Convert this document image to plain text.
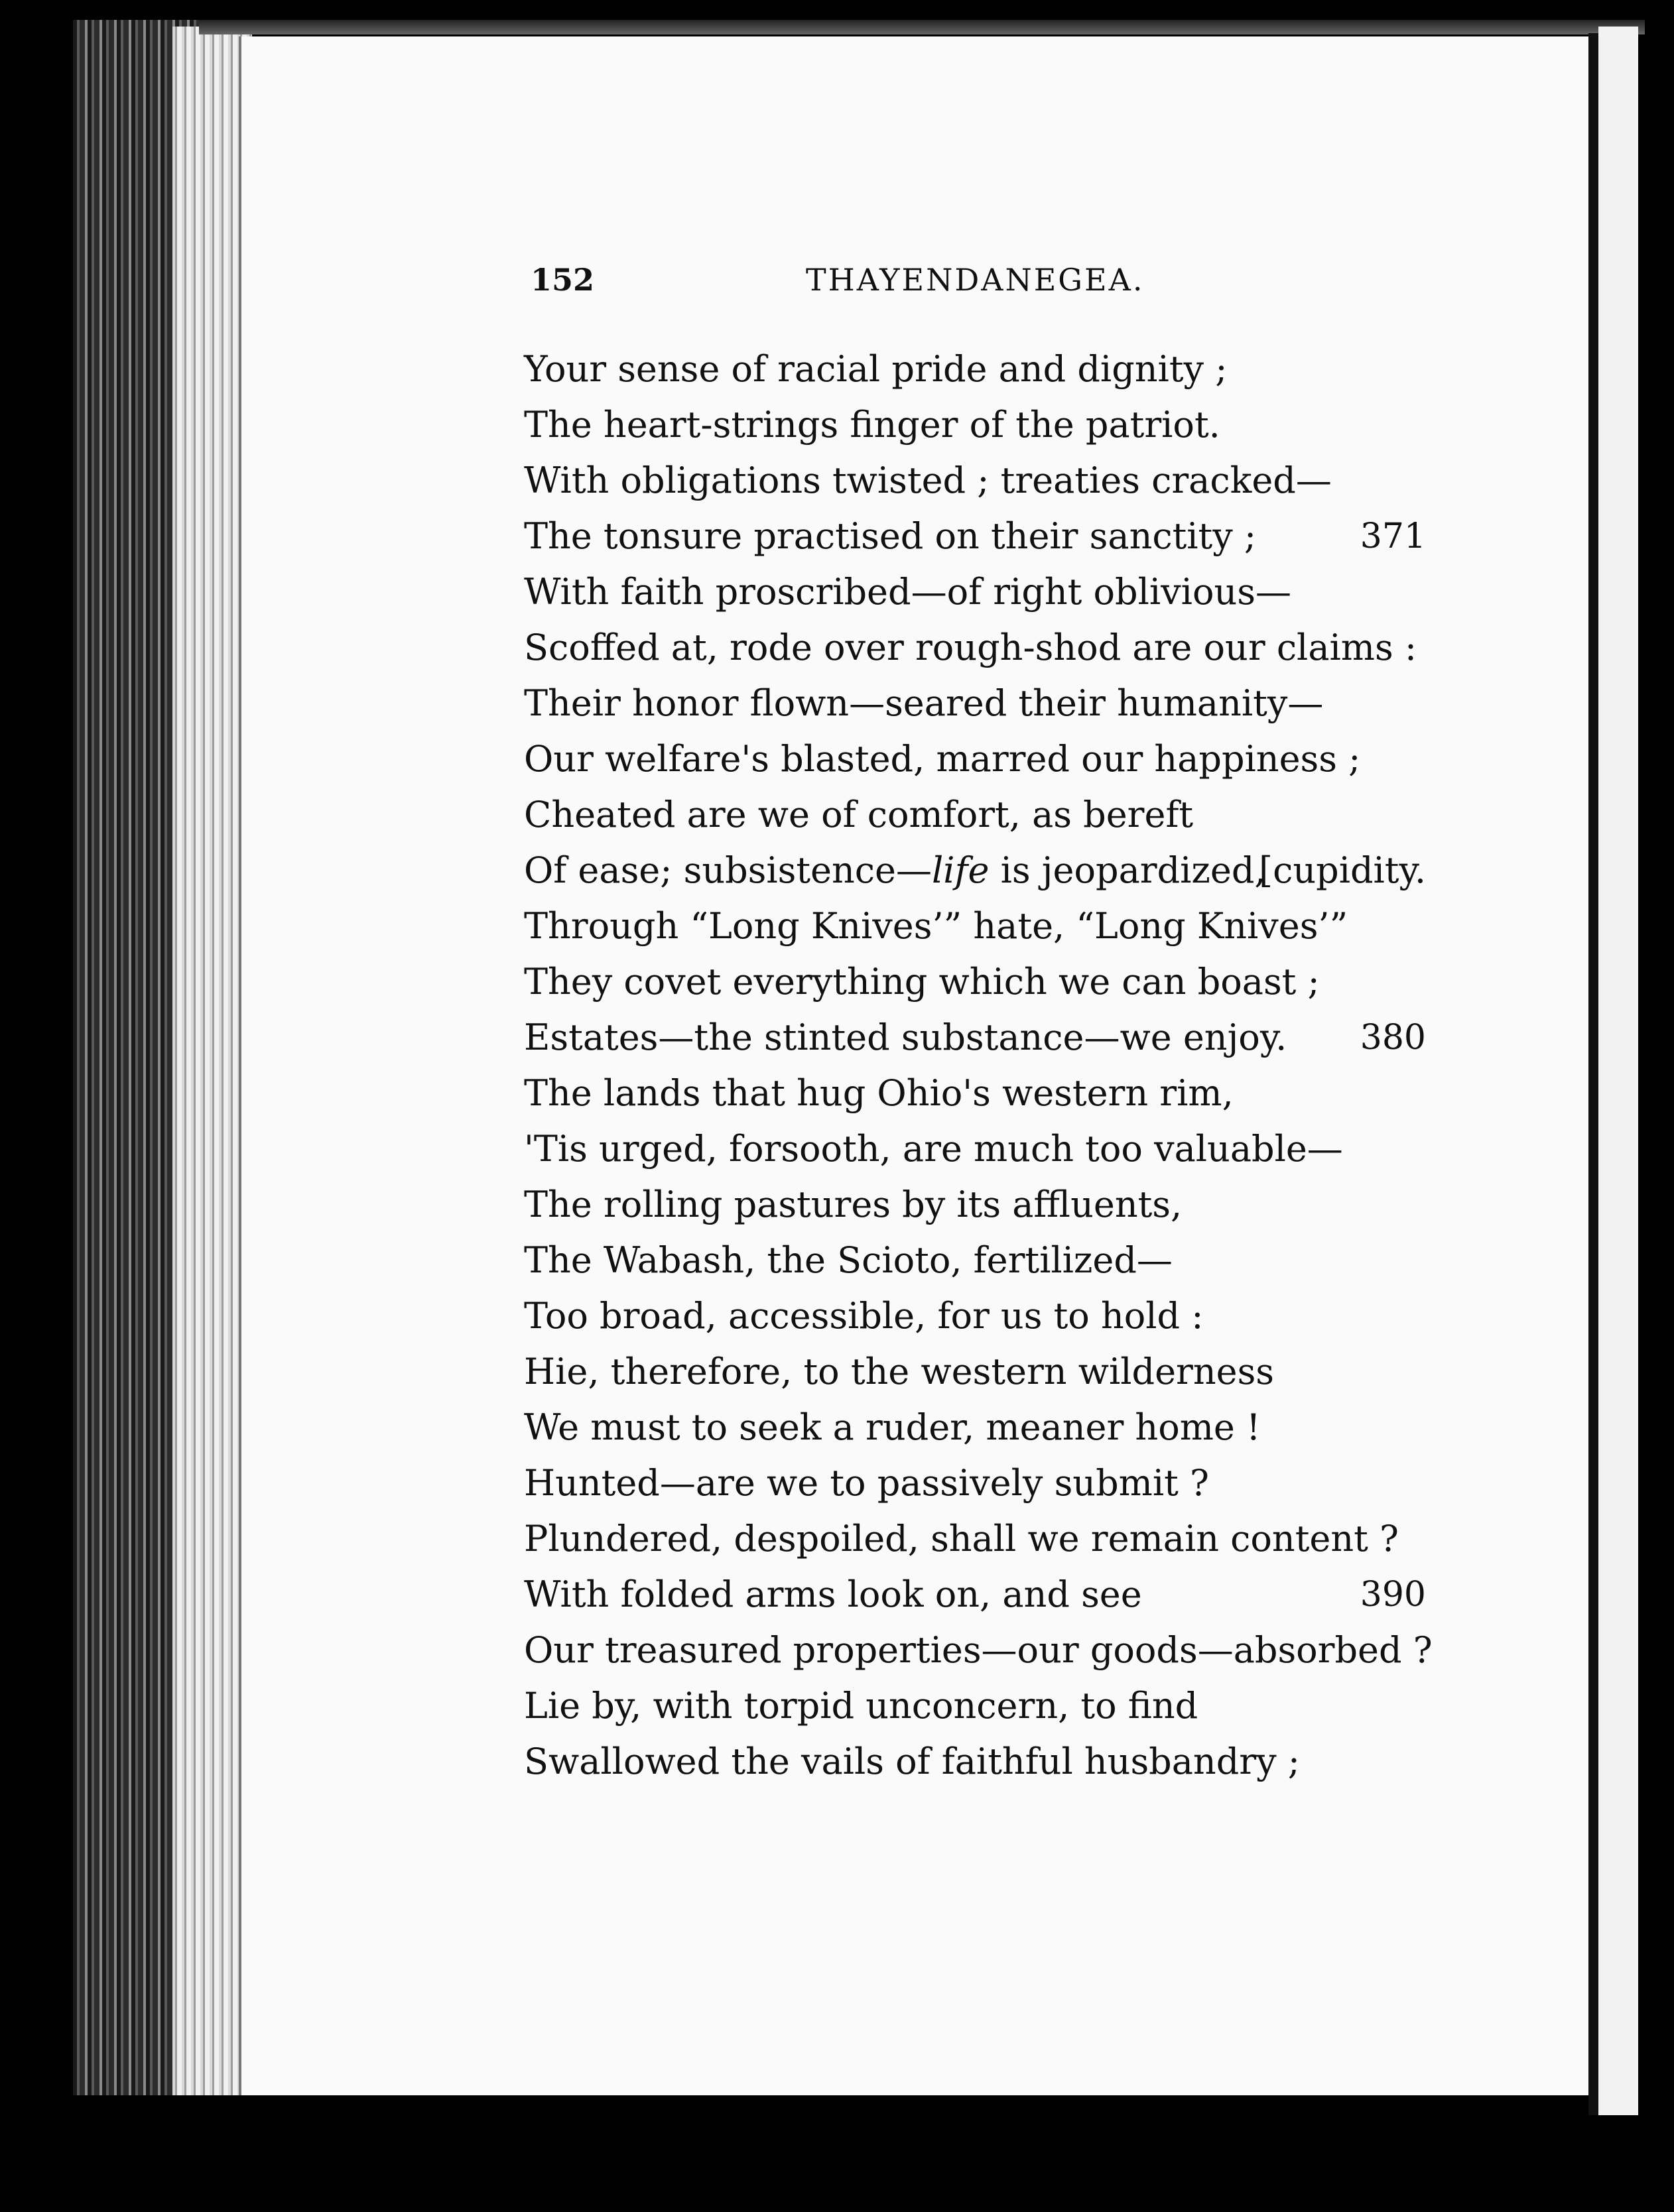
152	THAYENDANEGEA.
Your sense of racial pride and dignity ;
The heart-strings finger of the patriot.
With obligations twisted ; treaties cracked—
The tonsure practised on their sanctity ;	371
With faith proscribed—of right oblivious—
Scoffed at, rode over rough-shod are our claims :
Their honor flown—seared their humanity—
Our welfare's blasted, marred our happiness ;
Cheated are we of comfort, as bereft
Of ease; subsistence—life is jeopardized,
[cupidity.
Through “Long Knives’” hate, “Long Knives’”
They covet everything which we can boast ;
Estates—the stinted substance—we enjoy. 380
The lands that hug Ohio's western rim,
'Tis urged, forsooth, are much too valuable—
The rolling pastures by its affluents,
The Wabash, the Scioto, fertilized—
Too broad, accessible, for us to hold :
Hie, therefore, to the western wilderness
We must to seek a ruder, meaner home !
Hunted—are we to passively submit ?
Plundered, despoiled, shall we remain content ?
With folded arms look on, and see	390
Our treasured properties—our goods—absorbed ?
Lie by, with torpid unconcern, to find
Swallowed the vails of faithful husbandry ;
